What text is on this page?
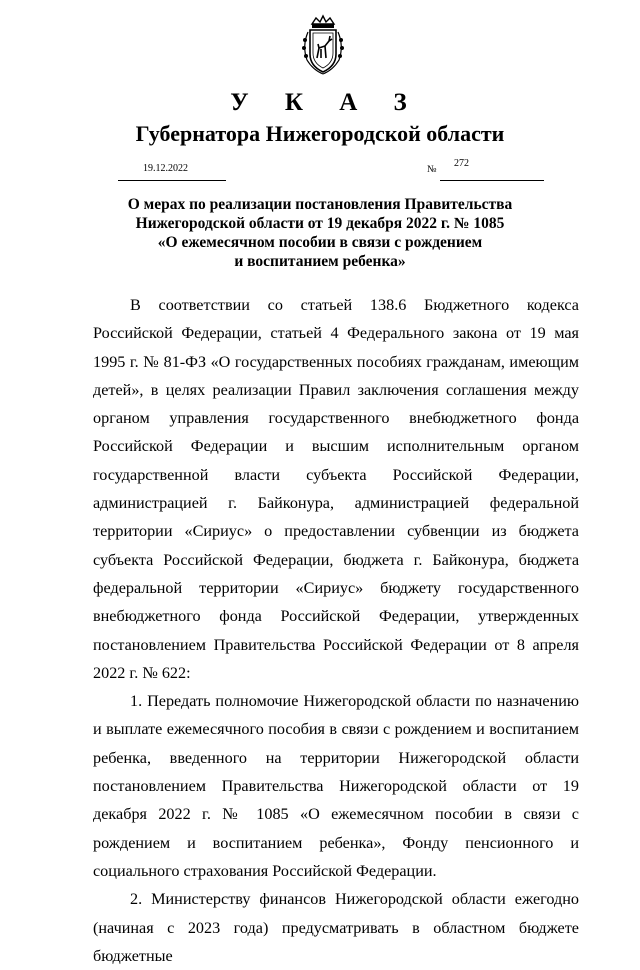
У К А З
Губернатора Нижегородской области
19.12.2022	№
272
О мерах по реализации постановления Правительства
Нижегородской области от 19 декабря 2022 г. № 1085
«О ежемесячном пособии в связи с рождением
и воспитанием ребенка»

В соответствии со статьей 138.6 Бюджетного кодекса Российской Федерации, статьей 4 Федерального закона от 19 мая 1995 г. № 81-ФЗ «О государственных пособиях гражданам, имеющим детей», в целях реализации Правил заключения соглашения между органом управления государственного внебюджетного фонда Российской Федерации и высшим исполнительным органом государственной власти субъекта Российской Федерации, администрацией г. Байконура, администрацией федеральной территории «Сириус» о предоставлении субвенции из бюджета субъекта Российской Федерации, бюджета г. Байконура, бюджета федеральной территории «Сириус» бюджету государственного внебюджетного фонда Российской Федерации, утвержденных постановлением Правительства Российской Федерации от 8 апреля 2022 г. № 622:

1. Передать полномочие Нижегородской области по назначению и выплате ежемесячного пособия в связи с рождением и воспитанием ребенка, введенного на территории Нижегородской области постановлением Правительства Нижегородской области от 19 декабря 2022 г. № 1085 «О ежемесячном пособии в связи с рождением и воспитанием ребенка», Фонду пенсионного и социального страхования Российской Федерации.

2. Министерству финансов Нижегородской области ежегодно (начиная с 2023 года) предусматривать в областном бюджете бюджетные
